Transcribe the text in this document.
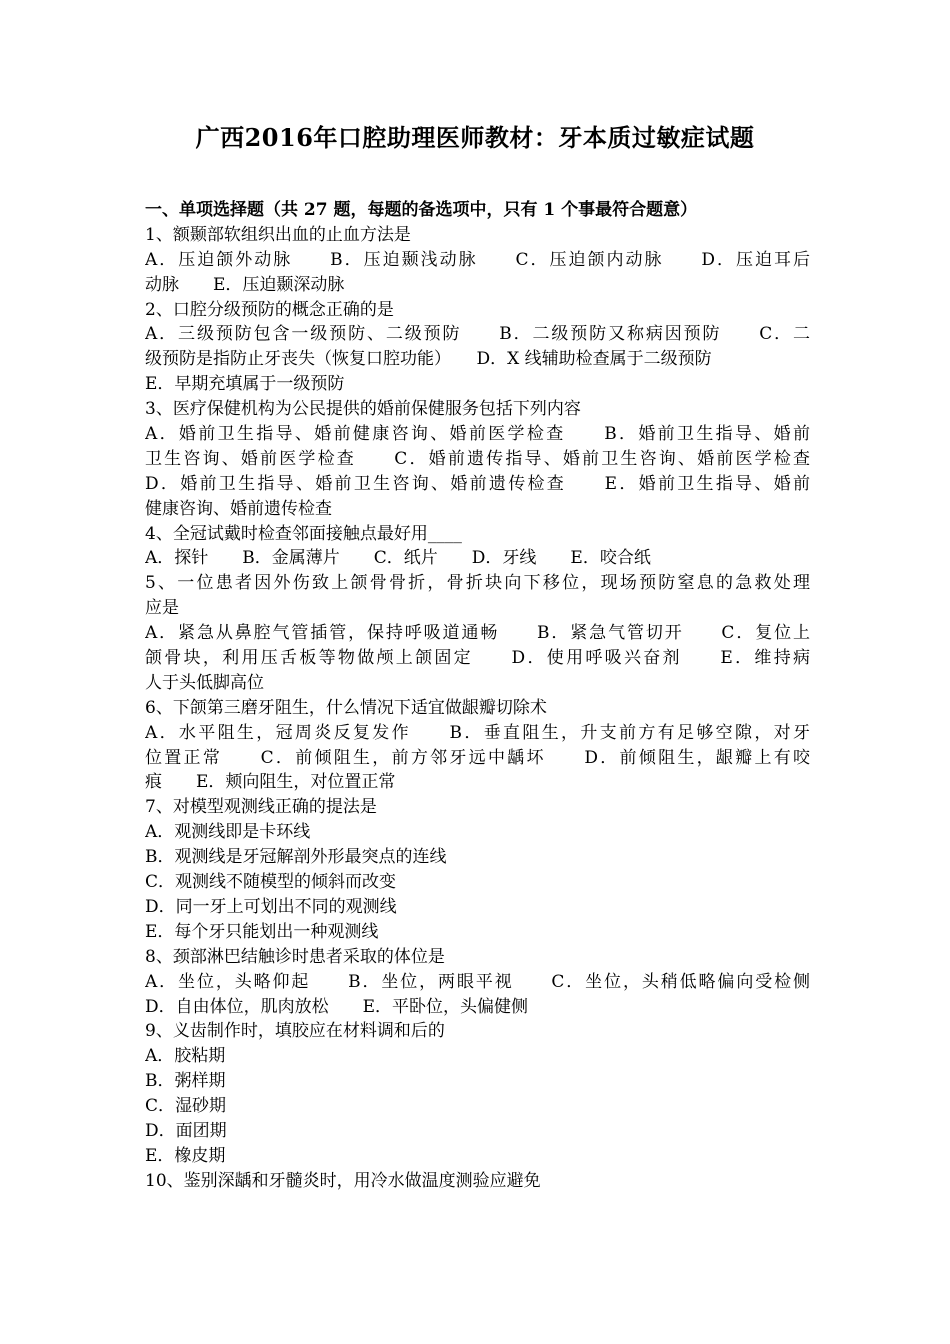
广西2016年口腔助理医师教材：牙本质过敏症试题
一、单项选择题（共 27 题，每题的备选项中，只有 1 个事最符合题意）
1、额颞部软组织出血的止血方法是
A．压迫颌外动脉　　B．压迫颞浅动脉　　C．压迫颌内动脉　　D．压迫耳后
动脉　　E．压迫颞深动脉
2、口腔分级预防的概念正确的是
A．三级预防包含一级预防、二级预防　　B．二级预防又称病因预防　　C．二
级预防是指防止牙丧失（恢复口腔功能）　　D．X 线辅助检查属于二级预防
E．早期充填属于一级预防
3、医疗保健机构为公民提供的婚前保健服务包括下列内容
A．婚前卫生指导、婚前健康咨询、婚前医学检查　　B．婚前卫生指导、婚前
卫生咨询、婚前医学检查　　C．婚前遗传指导、婚前卫生咨询、婚前医学检查
D．婚前卫生指导、婚前卫生咨询、婚前遗传检查　　E．婚前卫生指导、婚前
健康咨询、婚前遗传检查
4、全冠试戴时检查邻面接触点最好用____
A．探针　　B．金属薄片　　C．纸片　　D．牙线　　E．咬合纸
5、一位患者因外伤致上颌骨骨折，骨折块向下移位，现场预防窒息的急救处理
应是
A．紧急从鼻腔气管插管，保持呼吸道通畅　　B．紧急气管切开　　C．复位上
颌骨块，利用压舌板等物做颅上颌固定　　D．使用呼吸兴奋剂　　E．维持病
人于头低脚高位
6、下颌第三磨牙阻生，什么情况下适宜做龈瓣切除术
A．水平阻生，冠周炎反复发作　　B．垂直阻生，升支前方有足够空隙，对牙
位置正常　　C．前倾阻生，前方邻牙远中龋坏　　D．前倾阻生，龈瓣上有咬
痕　　E．颊向阻生，对位置正常
7、对模型观测线正确的提法是
A．观测线即是卡环线
B．观测线是牙冠解剖外形最突点的连线
C．观测线不随模型的倾斜而改变
D．同一牙上可划出不同的观测线
E．每个牙只能划出一种观测线
8、颈部淋巴结触诊时患者采取的体位是
A．坐位，头略仰起　　B．坐位，两眼平视　　C．坐位，头稍低略偏向受检侧
D．自由体位，肌肉放松　　E．平卧位，头偏健侧
9、义齿制作时，填胶应在材料调和后的
A．胶粘期
B．粥样期
C．湿砂期
D．面团期
E．橡皮期
10、鉴别深龋和牙髓炎时，用冷水做温度测验应避免
